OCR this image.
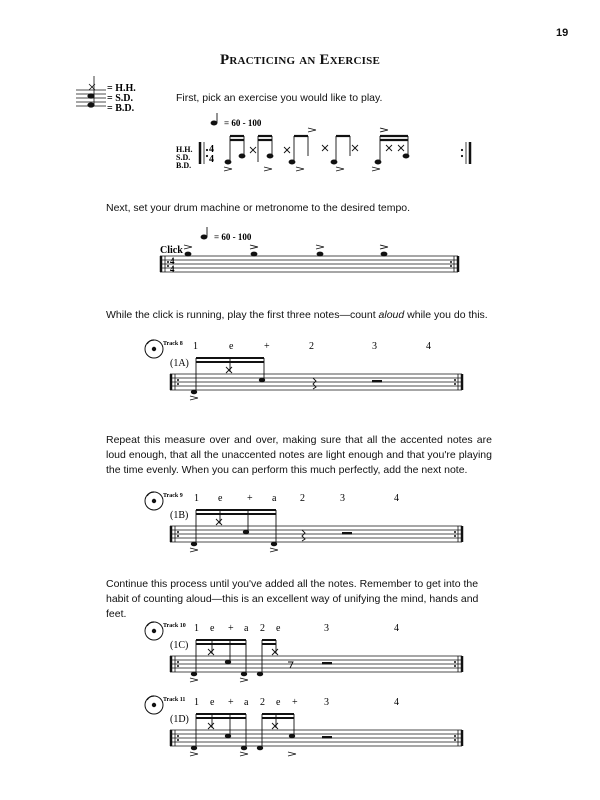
19
Practicing an Exercise
= H.H.
= S.D.
= B.D.
First, pick an exercise you would like to play.
= 60 - 100
H.H.
S.D.
B.D.
4
4
Next, set your drum machine or metronome to the desired tempo.
= 60 - 100
Click
4
4
While the click is running, play the first three notes—count aloud while you do this.
Track 8 1	e	+	2	3	4
(1A)
Repeat this measure over and over, making sure that all the accented notes are loud enough, that all the unaccented notes are light enough and that you're playing the time evenly. When you can perform this much perfectly, add the next note.
Track 9 1 e + a 2	3	4
(1B)
Continue this process until you've added all the notes. Remember to get into the habit of counting aloud—this is an excellent way of unifying the mind, hands and feet.
Track 10 1 e + a 2 e	3	4
(1C)
Track 11 1 e + a 2 e +	3	4
(1D)
